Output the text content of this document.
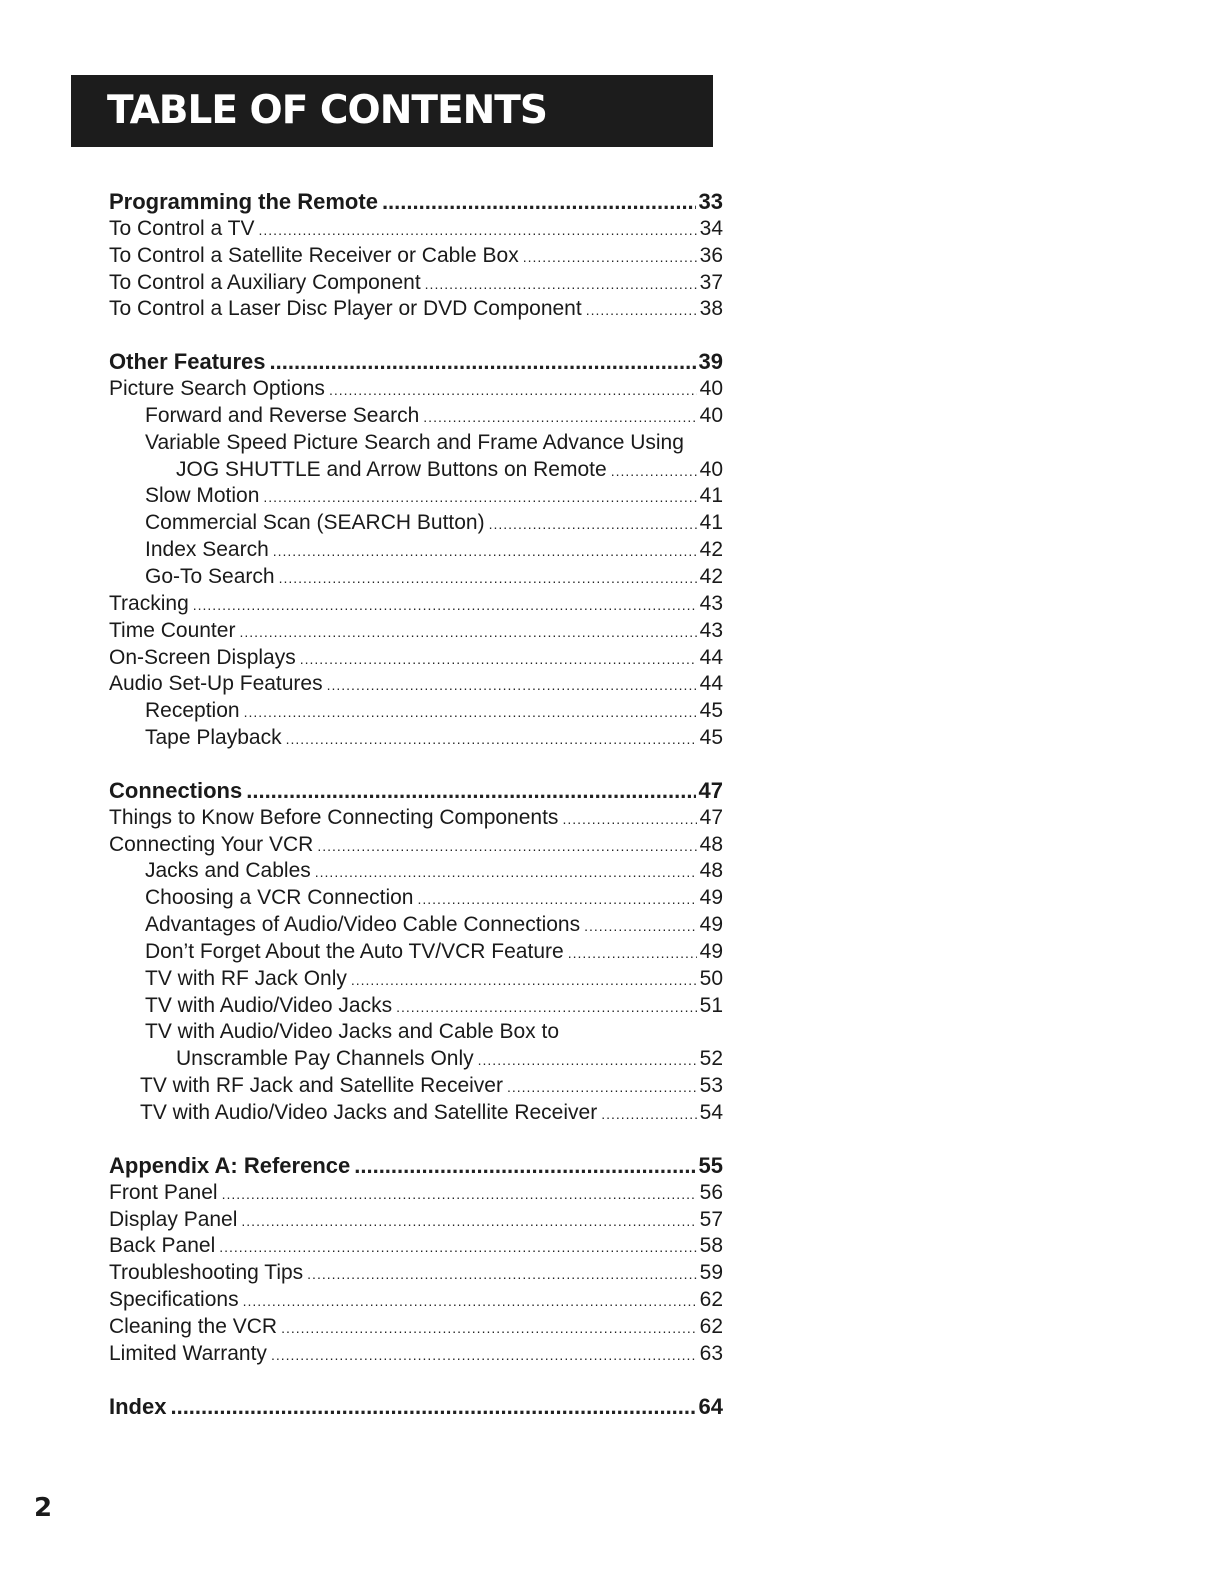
TABLE OF CONTENTS
Programming the Remote .....	33
To Control a TV .....	34
To Control a Satellite Receiver or Cable Box .....	36
To Control a Auxiliary Component .....	37
To Control a Laser Disc Player or DVD Component .....	38
Other Features .....	39
Picture Search Options .....	40
Forward and Reverse Search .....	40
Variable Speed Picture Search and Frame Advance Using
JOG SHUTTLE and Arrow Buttons on Remote .....	40
Slow Motion .....	41
Commercial Scan (SEARCH Button) .....	41
Index Search .....	42
Go-To Search .....	42
Tracking .....	43
Time Counter .....	43
On-Screen Displays .....	44
Audio Set-Up Features .....	44
Reception .....	45
Tape Playback .....	45
Connections .....	47
Things to Know Before Connecting Components .....	47
Connecting Your VCR .....	48
Jacks and Cables .....	48
Choosing a VCR Connection .....	49
Advantages of Audio/Video Cable Connections .....	49
Don’t Forget About the Auto TV/VCR Feature .....	49
TV with RF Jack Only .....	50
TV with Audio/Video Jacks .....	51
TV with Audio/Video Jacks and Cable Box to
Unscramble Pay Channels Only .....	52
TV with RF Jack and Satellite Receiver .....	53
TV with Audio/Video Jacks and Satellite Receiver .....	54
Appendix A: Reference .....	55
Front Panel .....	56
Display Panel .....	57
Back Panel .....	58
Troubleshooting Tips .....	59
Specifications .....	62
Cleaning the VCR .....	62
Limited Warranty .....	63
Index .....	64
2
